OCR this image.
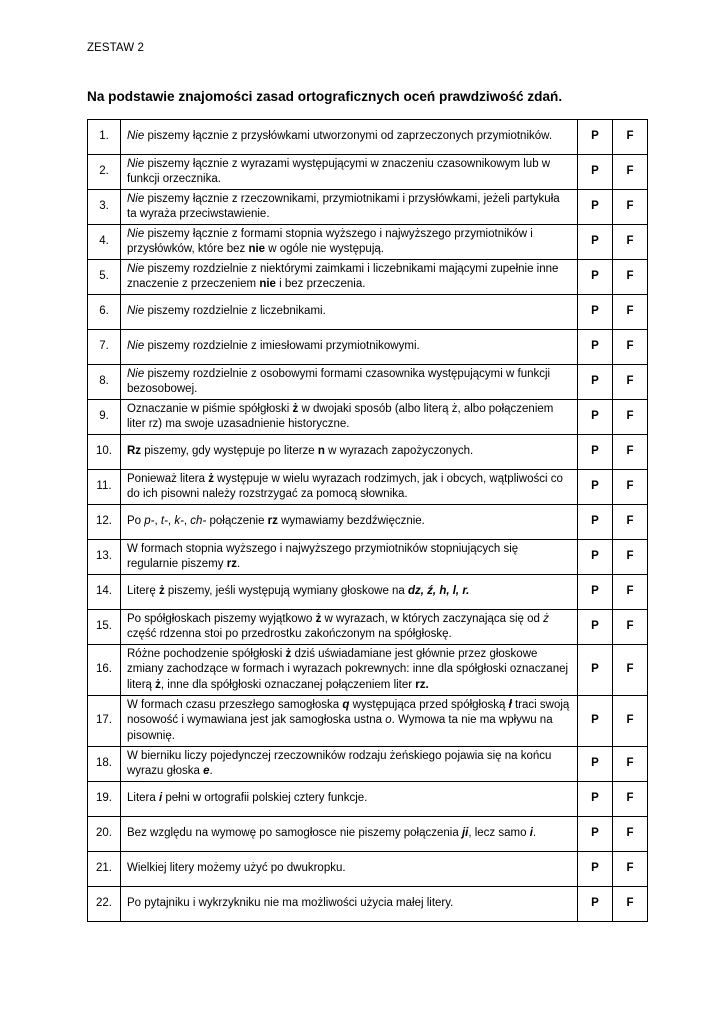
ZESTAW 2
Na podstawie znajomości zasad ortograficznych oceń prawdziwość zdań.
1.	Nie piszemy łącznie z przysłówkami utworzonymi od zaprzeczonych przymiotników.	P	F
2.	Nie piszemy łącznie z wyrazami występującymi w znaczeniu czasownikowym lub w funkcji orzecznika.	P	F
3.	Nie piszemy łącznie z rzeczownikami, przymiotnikami i przysłówkami, jeżeli partykuła ta wyraża przeciwstawienie.	P	F
4.	Nie piszemy łącznie z formami stopnia wyższego i najwyższego przymiotników i przysłówków, które bez nie w ogóle nie występują.	P	F
5.	Nie piszemy rozdzielnie z niektórymi zaimkami i liczebnikami mającymi zupełnie inne znaczenie z przeczeniem nie i bez przeczenia.	P	F
6.	Nie piszemy rozdzielnie z liczebnikami.	P	F
7.	Nie piszemy rozdzielnie z imiesłowami przymiotnikowymi.	P	F
8.	Nie piszemy rozdzielnie z osobowymi formami czasownika występującymi w funkcji bezosobowej.	P	F
9.	Oznaczanie w piśmie spółgłoski ż w dwojaki sposób (albo literą ż, albo połączeniem liter rz) ma swoje uzasadnienie historyczne.	P	F
10.	Rz piszemy, gdy występuje po literze n w wyrazach zapożyczonych.	P	F
11.	Ponieważ litera ż występuje w wielu wyrazach rodzimych, jak i obcych, wątpliwości co do ich pisowni należy rozstrzygać za pomocą słownika.	P	F
12.	Po p-, t-, k-, ch- połączenie rz wymawiamy bezdźwięcznie.	P	F
13.	W formach stopnia wyższego i najwyższego przymiotników stopniujących się regularnie piszemy rz.	P	F
14.	Literę ż piszemy, jeśli występują wymiany głoskowe na dz, ź, h, l, r.	P	F
15.	Po spółgłoskach piszemy wyjątkowo ż w wyrazach, w których zaczynająca się od ż część rdzenna stoi po przedrostku zakończonym na spółgłoskę.	P	F
16.	Różne pochodzenie spółgłoski ż dziś uświadamiane jest głównie przez głoskowe zmiany zachodzące w formach i wyrazach pokrewnych: inne dla spółgłoski oznaczanej literą ż, inne dla spółgłoski oznaczanej połączeniem liter rz.	P	F
17.	W formach czasu przeszłego samogłoska q występująca przed spółgłoską ł traci swoją nosowość i wymawiana jest jak samogłoska ustna o. Wymowa ta nie ma wpływu na pisownię.	P	F
18.	W bierniku liczy pojedynczej rzeczowników rodzaju żeńskiego pojawia się na końcu wyrazu głoska e.	P	F
19.	Litera i pełni w ortografii polskiej cztery funkcje.	P	F
20.	Bez względu na wymowę po samogłosce nie piszemy połączenia ji, lecz samo i.	P	F
21.	Wielkiej litery możemy użyć po dwukropku.	P	F
22.	Po pytajniku i wykrzykniku nie ma możliwości użycia małej litery.	P	F
